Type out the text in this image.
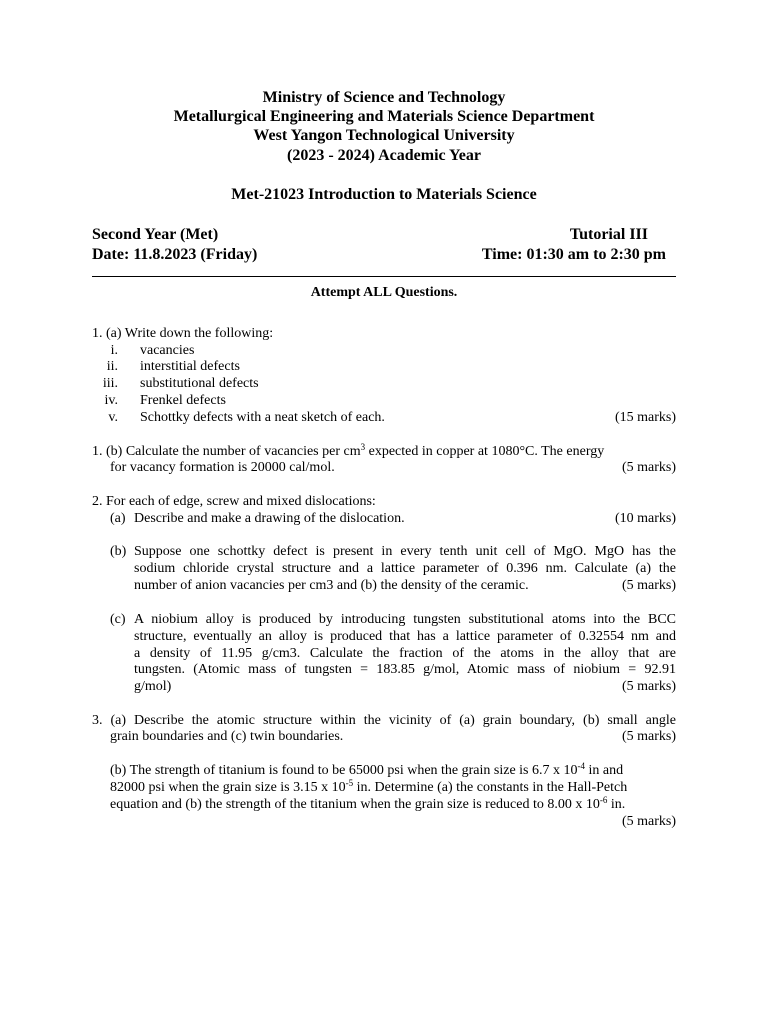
Ministry of Science and Technology
Metallurgical Engineering and Materials Science Department
West Yangon Technological University
(2023 - 2024) Academic Year
Met-21023 Introduction to Materials Science
Second Year (Met)	Tutorial III
Date: 11.8.2023 (Friday)	Time: 01:30 am to 2:30 pm
Attempt ALL Questions.
1. (a) Write down the following:
i. vacancies
ii. interstitial defects
iii. substitutional defects
iv. Frenkel defects
v. Schottky defects with a neat sketch of each.	(15 marks)
1. (b) Calculate the number of vacancies per $cm^3$ expected in copper at 1080°C. The energy
for vacancy formation is 20000 cal/mol.	(5 marks)
2. For each of edge, screw and mixed dislocations:
(a) Describe and make a drawing of the dislocation.	(10 marks)
(b) Suppose one schottky defect is present in every tenth unit cell of MgO. MgO has the
sodium chloride crystal structure and a lattice parameter of 0.396 nm. Calculate (a) the
number of anion vacancies per cm3 and (b) the density of the ceramic.	(5 marks)
(c) A niobium alloy is produced by introducing tungsten substitutional atoms into the BCC
structure, eventually an alloy is produced that has a lattice parameter of 0.32554 nm and
a density of 11.95 g/cm3. Calculate the fraction of the atoms in the alloy that are
tungsten. (Atomic mass of tungsten = 183.85 g/mol, Atomic mass of niobium = 92.91
g/mol)	(5 marks)
3. (a) Describe the atomic structure within the vicinity of (a) grain boundary, (b) small angle
grain boundaries and (c) twin boundaries.	(5 marks)
(b) The strength of titanium is found to be 65000 psi when the grain size is 6.7 x $10^{-4}$ in and
82000 psi when the grain size is 3.15 x $10^{-5}$ in. Determine (a) the constants in the Hall-Petch
equation and (b) the strength of the titanium when the grain size is reduced to 8.00 x $10^{-6}$ in.
(5 marks)
